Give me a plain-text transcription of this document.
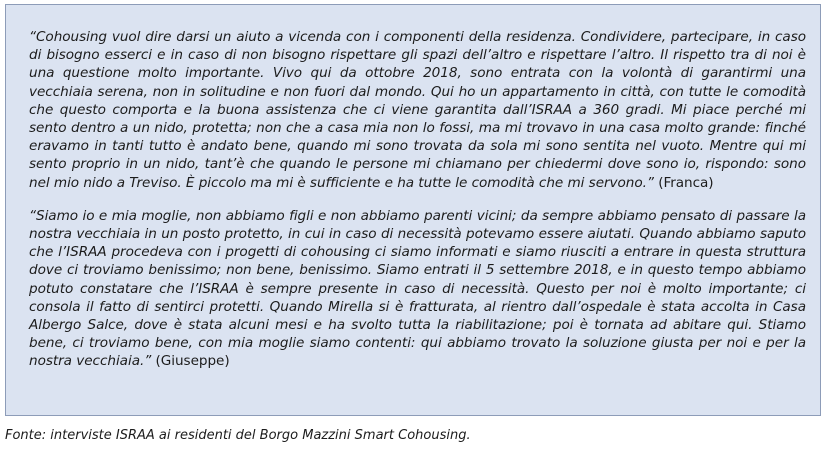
“Cohousing vuol dire darsi un aiuto a vicenda con i componenti della residenza. Condividere, partecipare, in caso di bisogno esserci e in caso di non bisogno rispettare gli spazi dell’altro e rispettare l’altro. Il rispetto tra di noi è una questione molto importante. Vivo qui da ottobre 2018, sono entrata con la volontà di garantirmi una vecchiaia serena, non in solitudine e non fuori dal mondo. Qui ho un appartamento in città, con tutte le comodità che questo comporta e la buona assistenza che ci viene garantita dall’ISRAA a 360 gradi. Mi piace perché mi sento dentro a un nido, protetta; non che a casa mia non lo fossi, ma mi trovavo in una casa molto grande: finché eravamo in tanti tutto è andato bene, quando mi sono trovata da sola mi sono sentita nel vuoto. Mentre qui mi sento proprio in un nido, tant’è che quando le persone mi chiamano per chiedermi dove sono io, rispondo: sono nel mio nido a Treviso. È piccolo ma mi è sufficiente e ha tutte le comodità che mi servono.” (Franca)

“Siamo io e mia moglie, non abbiamo figli e non abbiamo parenti vicini; da sempre abbiamo pensato di passare la nostra vecchiaia in un posto protetto, in cui in caso di necessità potevamo essere aiutati. Quando abbiamo saputo che l’ISRAA procedeva con i progetti di cohousing ci siamo informati e siamo riusciti a entrare in questa struttura dove ci troviamo benissimo; non bene, benissimo. Siamo entrati il 5 settembre 2018, e in questo tempo abbiamo potuto constatare che l’ISRAA è sempre presente in caso di necessità. Questo per noi è molto importante; ci consola il fatto di sentirci protetti. Quando Mirella si è fratturata, al rientro dall’ospedale è stata accolta in Casa Albergo Salce, dove è stata alcuni mesi e ha svolto tutta la riabilitazione; poi è tornata ad abitare qui. Stiamo bene, ci troviamo bene, con mia moglie siamo contenti: qui abbiamo trovato la soluzione giusta per noi e per la nostra vecchiaia.” (Giuseppe)

Fonte: interviste ISRAA ai residenti del Borgo Mazzini Smart Cohousing.
